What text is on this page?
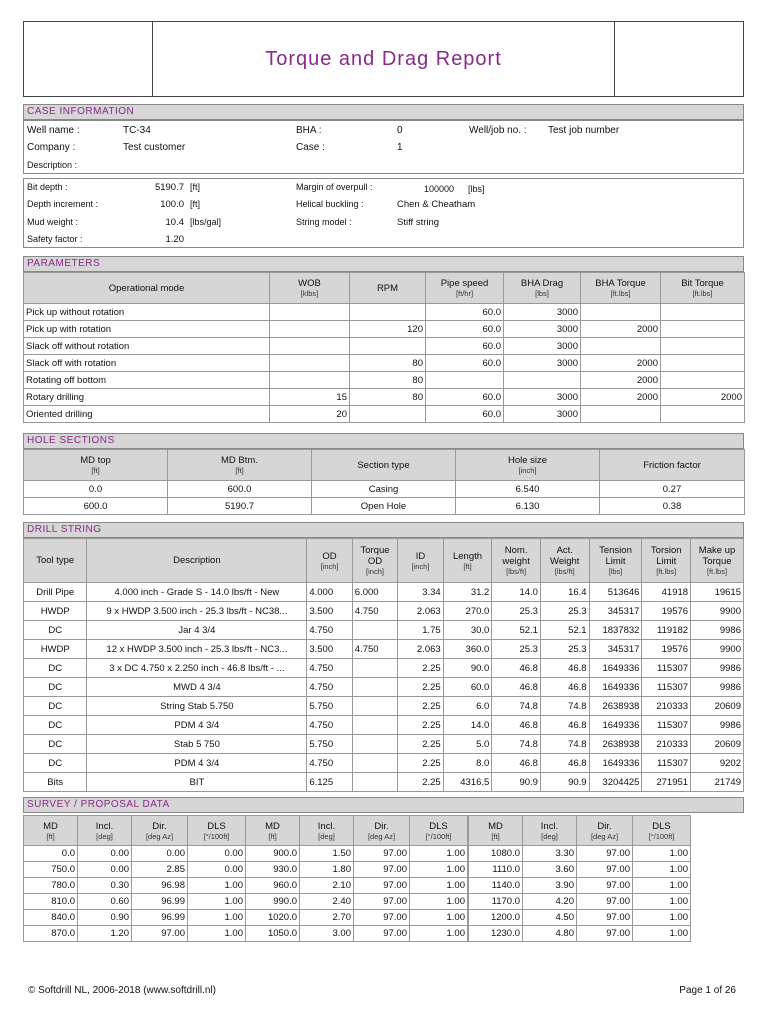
Torque and Drag Report
CASE INFORMATION
Well name :	TC-34
Company :	Test customer
Description :
BHA :	0
Case :	1
Well/job no. : Test job number
Bit depth :	5190.7 [ft]
Depth increment :	100.0 [ft]
Mud weight :	10.4 [lbs/gal]
Safety factor :	1.20
Margin of overpull :	100000 [lbs]
Helical buckling :	Chen & Cheatham
String model :	Stiff string
PARAMETERS
Operational mode	WOB
[klbs]	RPM	Pipe speed
[ft/hr]	BHA Drag
[lbs]	BHA Torque
[ft.lbs]	Bit Torque
[ft.lbs]

Pick up without rotation			60.0	3000		
Pick up with rotation		120	60.0	3000	2000	
Slack off without rotation			60.0	3000		
Slack off with rotation		80	60.0	3000	2000	
Rotating off bottom		80			2000	
Rotary drilling	15	80	60.0	3000	2000	2000
Oriented drilling	20		60.0	3000		
HOLE SECTIONS
MD top
[ft]	MD Btm.
[ft]	Section type	Hole size
[inch]	Friction factor

0.0	600.0	Casing	6.540	0.27
600.0	5190.7	Open Hole	6.130	0.38
DRILL STRING
Tool type	Description	OD
[inch]	Torque OD
[inch]	ID
[inch]	Length
[ft]	Nom. weight
[lbs/ft]	Act. Weight
[lbs/ft]	Tension Limit
[lbs]	Torsion Limit
[ft.lbs]	Make up Torque
[ft.lbs]

Drill Pipe	4.000 inch - Grade S - 14.0 lbs/ft - New	4.000	6.000	3.34	31.2	14.0	16.4	513646	41918	19615
HWDP	9 x HWDP 3.500 inch - 25.3 lbs/ft - NC38...	3.500	4.750	2.063	270.0	25.3	25.3	345317	19576	9900
DC	Jar 4 3/4	4.750		1.75	30.0	52.1	52.1	1837832	119182	9986
HWDP	12 x HWDP 3.500 inch - 25.3 lbs/ft - NC3...	3.500	4.750	2.063	360.0	25.3	25.3	345317	19576	9900
DC	3 x DC 4.750 x 2.250 inch - 46.8 lbs/ft - ...	4.750		2.25	90.0	46.8	46.8	1649336	115307	9986
DC	MWD 4 3/4	4.750		2.25	60.0	46.8	46.8	1649336	115307	9986
DC	String Stab 5.750	5.750		2.25	6.0	74.8	74.8	2638938	210333	20609
DC	PDM 4 3/4	4.750		2.25	14.0	46.8	46.8	1649336	115307	9986
DC	Stab 5 750	5.750		2.25	5.0	74.8	74.8	2638938	210333	20609
DC	PDM 4 3/4	4.750		2.25	8.0	46.8	46.8	1649336	115307	9202
Bits	BIT	6.125		2.25	4316.5	90.9	90.9	3204425	271951	21749
SURVEY / PROPOSAL DATA
MD
[ft]	Incl.
[deg]	Dir.
[deg Az]	DLS
[°/100ft]

0.0	0.00	0.00	0.00
750.0	0.00	2.85	0.00
780.0	0.30	96.98	1.00
810.0	0.60	96.99	1.00
840.0	0.90	96.99	1.00
870.0	1.20	97.00	1.00
MD
[ft]	Incl.
[deg]	Dir.
[deg Az]	DLS
[°/100ft]

900.0	1.50	97.00	1.00
930.0	1.80	97.00	1.00
960.0	2.10	97.00	1.00
990.0	2.40	97.00	1.00
1020.0	2.70	97.00	1.00
1050.0	3.00	97.00	1.00
MD
[ft]	Incl.
[deg]	Dir.
[deg Az]	DLS
[°/100ft]

1080.0	3.30	97.00	1.00
1110.0	3.60	97.00	1.00
1140.0	3.90	97.00	1.00
1170.0	4.20	97.00	1.00
1200.0	4.50	97.00	1.00
1230.0	4.80	97.00	1.00
© Softdrill NL, 2006-2018 (www.softdrill.nl)	Page 1 of 26
